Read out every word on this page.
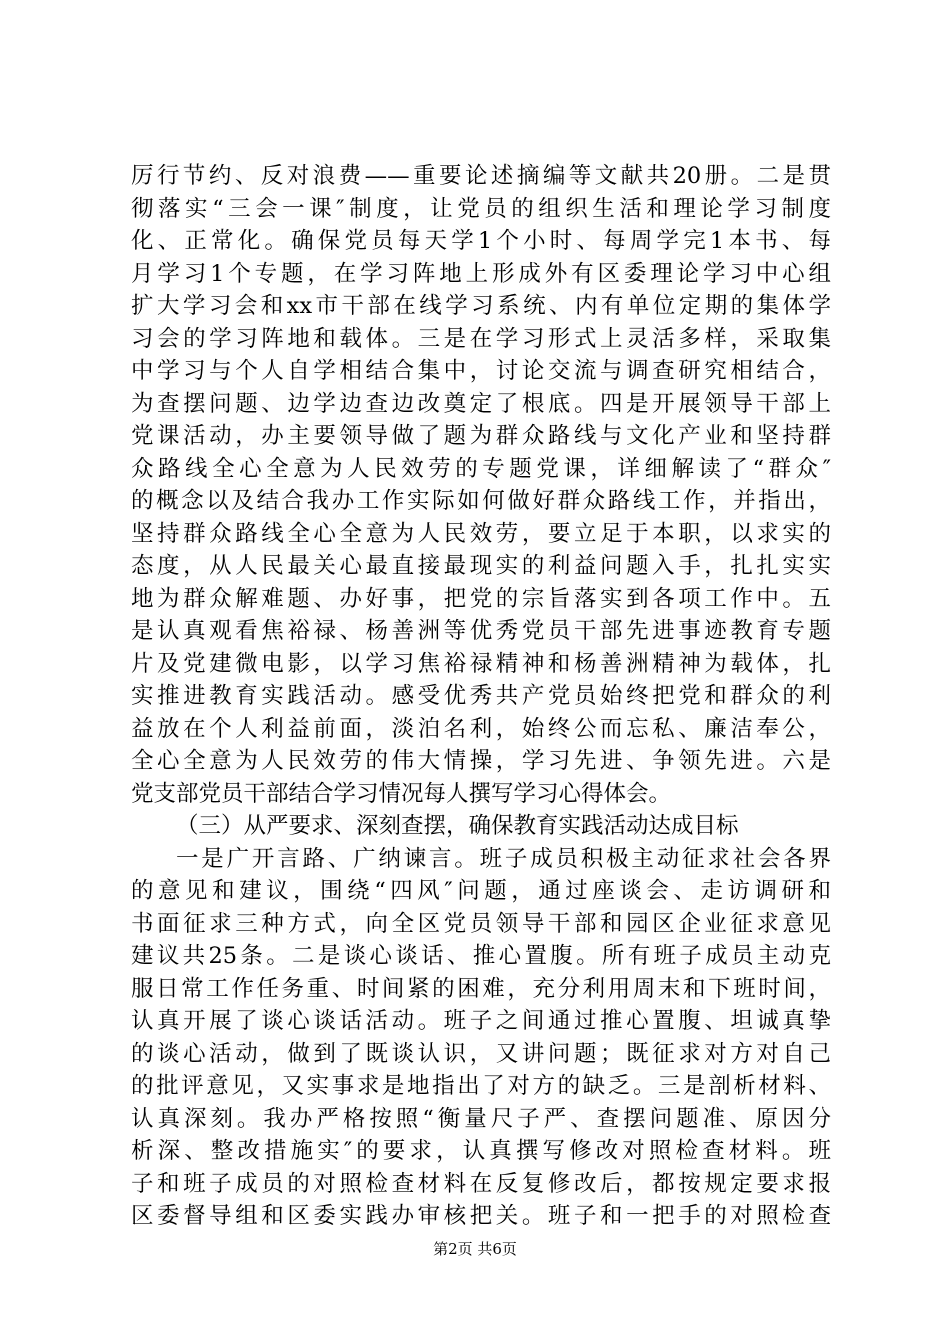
厉行节约、反对浪费——重要论述摘编等文献共20册。二是贯
彻落实“三会一课″制度，让党员的组织生活和理论学习制度
化、正常化。确保党员每天学1个小时、每周学完1本书、每
月学习1个专题，在学习阵地上形成外有区委理论学习中心组
扩大学习会和xx市干部在线学习系统、内有单位定期的集体学
习会的学习阵地和载体。三是在学习形式上灵活多样，采取集
中学习与个人自学相结合集中，讨论交流与调查研究相结合，
为查摆问题、边学边查边改奠定了根底。四是开展领导干部上
党课活动，办主要领导做了题为群众路线与文化产业和坚持群
众路线全心全意为人民效劳的专题党课，详细解读了“群众″
的概念以及结合我办工作实际如何做好群众路线工作，并指出，
坚持群众路线全心全意为人民效劳，要立足于本职，以求实的
态度，从人民最关心最直接最现实的利益问题入手，扎扎实实
地为群众解难题、办好事，把党的宗旨落实到各项工作中。五
是认真观看焦裕禄、杨善洲等优秀党员干部先进事迹教育专题
片及党建微电影，以学习焦裕禄精神和杨善洲精神为载体，扎
实推进教育实践活动。感受优秀共产党员始终把党和群众的利
益放在个人利益前面，淡泊名利，始终公而忘私、廉洁奉公，
全心全意为人民效劳的伟大情操，学习先进、争领先进。六是
党支部党员干部结合学习情况每人撰写学习心得体会。
（三）从严要求、深刻查摆，确保教育实践活动达成目标
一是广开言路、广纳谏言。班子成员积极主动征求社会各界
的意见和建议，围绕“四风″问题，通过座谈会、走访调研和
书面征求三种方式，向全区党员领导干部和园区企业征求意见
建议共25条。二是谈心谈话、推心置腹。所有班子成员主动克
服日常工作任务重、时间紧的困难，充分利用周末和下班时间，
认真开展了谈心谈话活动。班子之间通过推心置腹、坦诚真挚
的谈心活动，做到了既谈认识，又讲问题；既征求对方对自己
的批评意见，又实事求是地指出了对方的缺乏。三是剖析材料、
认真深刻。我办严格按照“衡量尺子严、查摆问题准、原因分
析深、整改措施实″的要求，认真撰写修改对照检查材料。班
子和班子成员的对照检查材料在反复修改后，都按规定要求报
区委督导组和区委实践办审核把关。班子和一把手的对照检查
第2页 共6页
